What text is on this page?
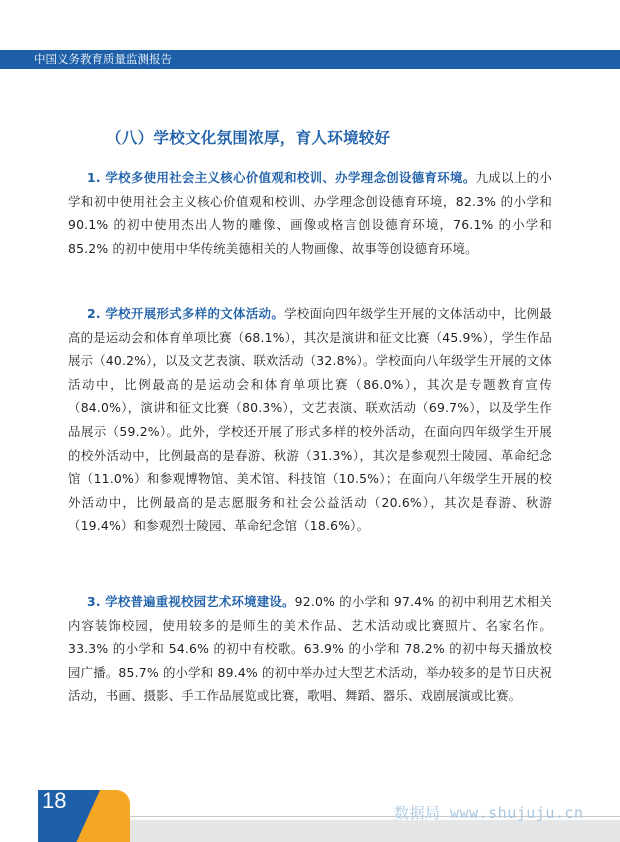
中国义务教育质量监测报告
（八）学校文化氛围浓厚，育人环境较好
  1. 学校多使用社会主义核心价值观和校训、办学理念创设德育环境。九成以上的小学和初中使用社会主义核心价值观和校训、办学理念创设德育环境，82.3% 的小学和 90.1% 的初中使用杰出人物的雕像、画像或格言创设德育环境，76.1% 的小学和 85.2% 的初中使用中华传统美德相关的人物画像、故事等创设德育环境。
  2. 学校开展形式多样的文体活动。学校面向四年级学生开展的文体活动中，比例最高的是运动会和体育单项比赛（68.1%），其次是演讲和征文比赛（45.9%），学生作品展示（40.2%），以及文艺表演、联欢活动（32.8%）。学校面向八年级学生开展的文体活动中，比例最高的是运动会和体育单项比赛（86.0%），其次是专题教育宣传（84.0%），演讲和征文比赛（80.3%），文艺表演、联欢活动（69.7%），以及学生作品展示（59.2%）。此外，学校还开展了形式多样的校外活动，在面向四年级学生开展的校外活动中，比例最高的是春游、秋游（31.3%），其次是参观烈士陵园、革命纪念馆（11.0%）和参观博物馆、美术馆、科技馆（10.5%）；在面向八年级学生开展的校外活动中，比例最高的是志愿服务和社会公益活动（20.6%），其次是春游、秋游（19.4%）和参观烈士陵园、革命纪念馆（18.6%）。
  3. 学校普遍重视校园艺术环境建设。92.0% 的小学和 97.4% 的初中利用艺术相关内容装饰校园，使用较多的是师生的美术作品、艺术活动或比赛照片、名家名作。33.3% 的小学和 54.6% 的初中有校歌。63.9% 的小学和 78.2% 的初中每天播放校园广播。85.7% 的小学和 89.4% 的初中举办过大型艺术活动，举办较多的是节日庆祝活动，书画、摄影、手工作品展览或比赛，歌唱、舞蹈、器乐、戏剧展演或比赛。
18	数据局 www.shujuju.cn
